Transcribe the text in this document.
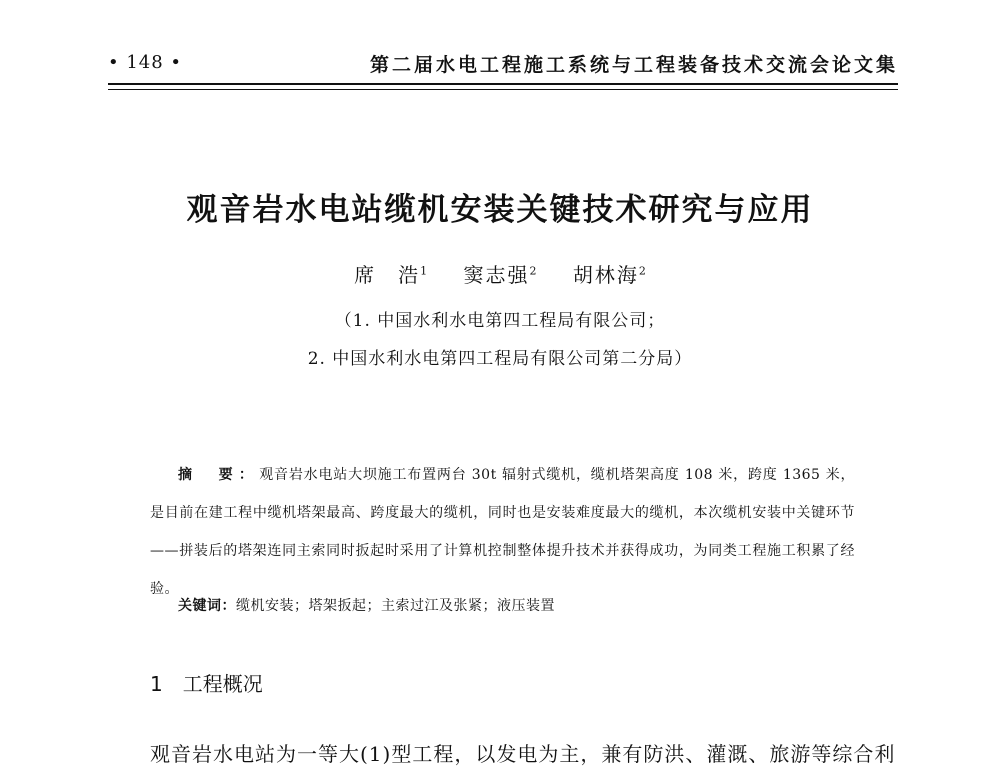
• 148 •	第二届水电工程施工系统与工程装备技术交流会论文集
观音岩水电站缆机安装关键技术研究与应用
席　浩$^1$ 窦志强$^2$ 胡林海$^2$
（1. 中国水利水电第四工程局有限公司；
2. 中国水利水电第四工程局有限公司第二分局）
摘　要：观音岩水电站大坝施工布置两台 30t 辐射式缆机，缆机塔架高度 108 米，跨度 1365 米，是目前在建工程中缆机塔架最高、跨度最大的缆机，同时也是安装难度最大的缆机，本次缆机安装中关键环节——拼装后的塔架连同主索同时扳起时采用了计算机控制整体提升技术并获得成功，为同类工程施工积累了经验。
关键词：缆机安装；塔架扳起；主索过江及张紧；液压装置
1 工程概况
观音岩水电站为一等大(1)型工程，以发电为主，兼有防洪、灌溉、旅游等综合利
